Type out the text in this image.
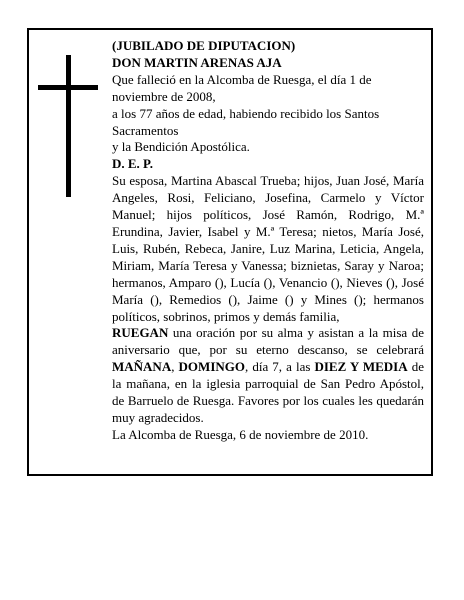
(JUBILADO DE DIPUTACION)

DON MARTIN ARENAS AJA

Que falleció en la Alcomba de Ruesga, el día 1 de noviembre de 2008,

a los 77 años de edad, habiendo recibido los Santos Sacramentos

y la Bendición Apostólica.

D. E. P.

Su esposa, Martina Abascal Trueba; hijos, Juan José, María Angeles, Rosi, Feliciano, Josefina, Carmelo y Víctor Manuel; hijos políticos, José Ramón, Rodrigo, M.ª Erundina, Javier, Isabel y M.ª Teresa; nietos, María José, Luis, Rubén, Rebeca, Janire, Luz Marina, Leticia, Angela, Miriam, María Teresa y Vanessa; biznietas, Saray y Naroa; hermanos, Amparo (), Lucía (), Venancio (), Nieves (), José María (), Remedios (), Jaime () y Mines (); hermanos políticos, sobrinos, primos y demás familia,

RUEGAN una oración por su alma y asistan a la misa de aniversario que, por su eterno descanso, se celebrará MAÑANA, DOMINGO, día 7, a las DIEZ Y MEDIA de la mañana, en la iglesia parroquial de San Pedro Apóstol, de Barruelo de Ruesga. Favores por los cuales les quedarán muy agradecidos.

La Alcomba de Ruesga, 6 de noviembre de 2010.
